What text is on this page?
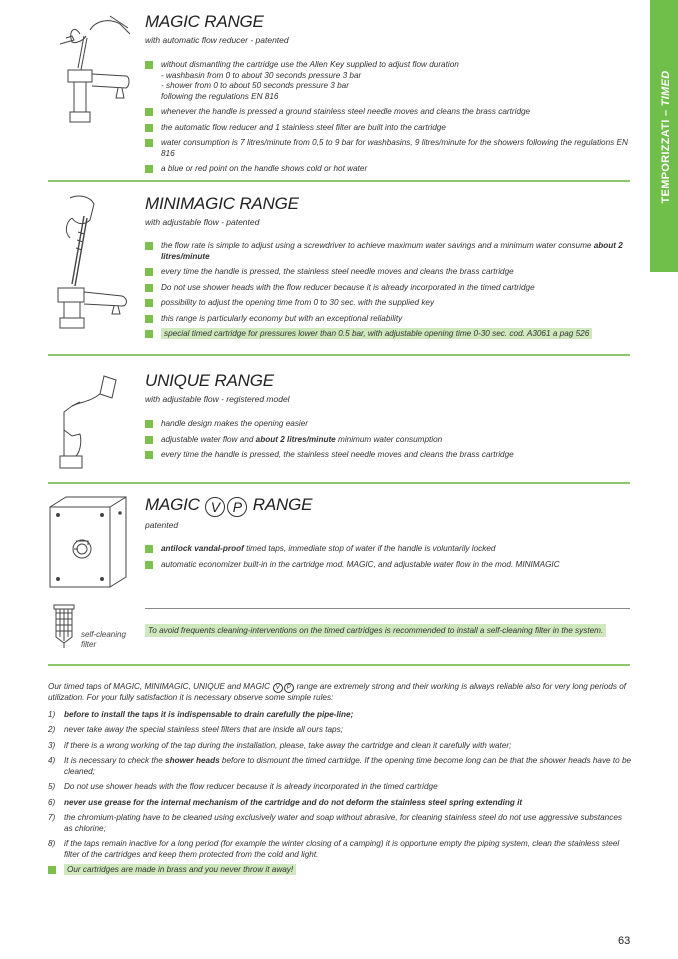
TEMPORIZZATI – TIMED
MAGIC RANGE
with automatic flow reducer - patented
without dismantling the cartridge use the Allen Key supplied to adjust flow duration
- washbasin from 0 to about 30 seconds pressure 3 bar
- shower from 0 to about 50 seconds pressure 3 bar
following the regulations EN 816
whenever the handle is pressed a ground stainless steel needle moves and cleans the brass cartridge
the automatic flow reducer and 1 stainless steel filter are built into the cartridge
water consumption is 7 litres/minute from 0,5 to 9 bar for washbasins, 9 litres/minute for the showers following the regulations EN 816
a blue or red point on the handle shows cold or hot water
MINIMAGIC RANGE
with adjustable flow - patented
the flow rate is simple to adjust using a screwdriver to achieve maximum water savings and a minimum water consume about 2 litres/minute
every time the handle is pressed, the stainless steel needle moves and cleans the brass cartridge
Do not use shower heads with the flow reducer because it is already incorporated in the timed cartridge
possibility to adjust the opening time from 0 to 30 sec. with the supplied key
this range is particularly economy but with an exceptional reliability
special timed cartridge for pressures lower than 0.5 bar, with adjustable opening time 0-30 sec. cod. A3061 a pag 526
UNIQUE RANGE
with adjustable flow - registered model
handle design makes the opening easier
adjustable water flow and about 2 litres/minute minimum water consumption
every time the handle is pressed, the stainless steel needle moves and cleans the brass cartridge
MAGIC V P RANGE
patented
antilock vandal-proof timed taps, immediate stop of water if the handle is voluntarily locked
automatic economizer built-in in the cartridge mod. MAGIC, and adjustable water flow in the mod. MINIMAGIC
self-cleaning
filter
To avoid frequents cleaning-interventions on the timed cartridges is recommended to install a self-cleaning filter in the system.
Our timed taps of MAGIC, MINIMAGIC, UNIQUE and MAGIC V P range are extremely strong and their working is always reliable also for very long periods of utilization. For your fully satisfaction it is necessary observe some simple rules:
1) before to install the taps it is indispensable to drain carefully the pipe-line;
2) never take away the special stainless steel filters that are inside all ours taps;
3) if there is a wrong working of the tap during the installation, please, take away the cartridge and clean it carefully with water;
4) It is necessary to check the shower heads before to dismount the timed cartridge. If the opening time become long can be that the shower heads have to be cleaned;
5) Do not use shower heads with the flow reducer because it is already incorporated in the timed cartridge
6) never use grease for the internal mechanism of the cartridge and do not deform the stainless steel spring extending it
7) the chromium-plating have to be cleaned using exclusively water and soap without abrasive, for cleaning stainless steel do not use aggressive substances as chlorine;
8) if the taps remain inactive for a long period (for example the winter closing of a camping) it is opportune empty the piping system, clean the stainless steel filter of the cartridges and keep them protected from the cold and light.
Our cartridges are made in brass and you never throw it away!
63
